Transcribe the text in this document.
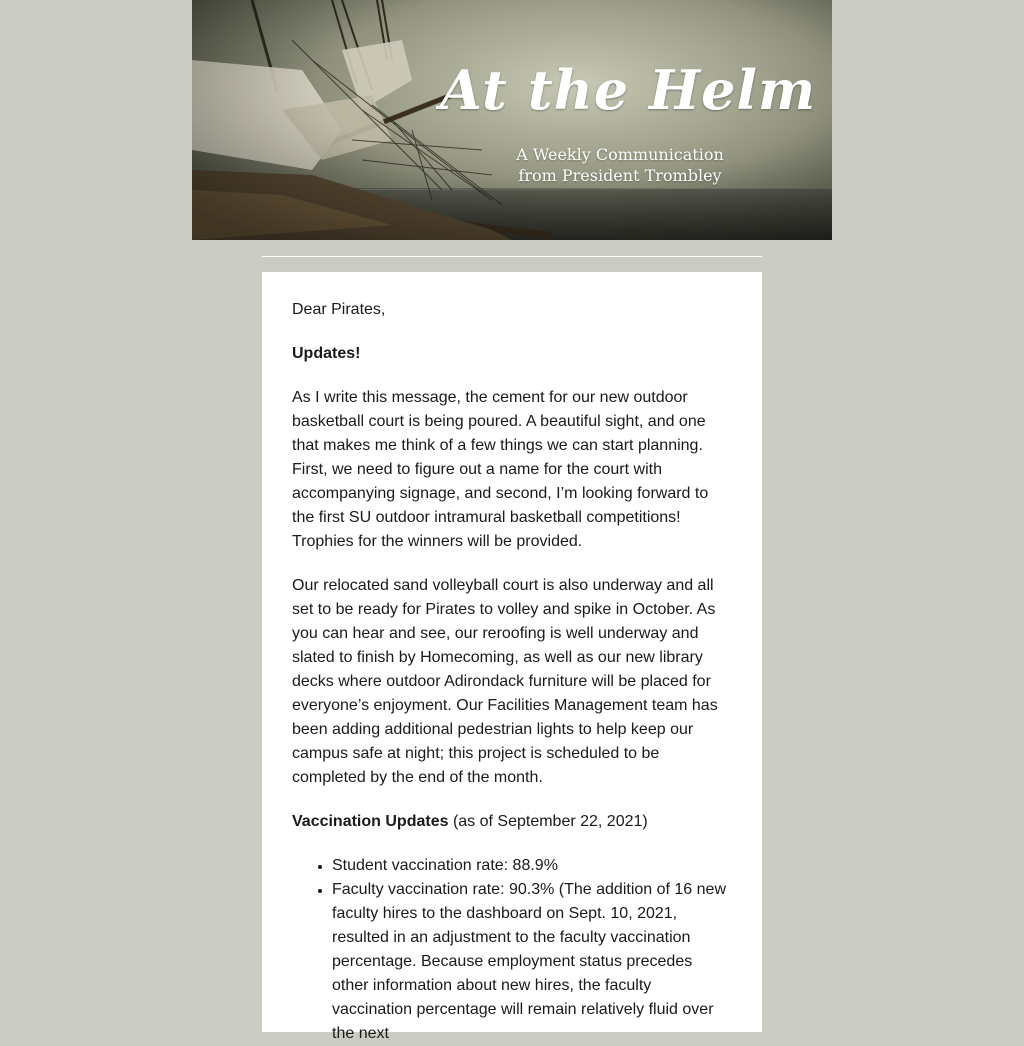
At the Helm
A Weekly Communication
from President Trombley

Dear Pirates,

Updates!

As I write this message, the cement for our new outdoor basketball court is being poured. A beautiful sight, and one that makes me think of a few things we can start planning. First, we need to figure out a name for the court with accompanying signage, and second, I’m looking forward to the first SU outdoor intramural basketball competitions! Trophies for the winners will be provided.

Our relocated sand volleyball court is also underway and all set to be ready for Pirates to volley and spike in October. As you can hear and see, our reroofing is well underway and slated to finish by Homecoming, as well as our new library decks where outdoor Adirondack furniture will be placed for everyone’s enjoyment. Our Facilities Management team has been adding additional pedestrian lights to help keep our campus safe at night; this project is scheduled to be completed by the end of the month.

Vaccination Updates (as of September 22, 2021)

• Student vaccination rate: 88.9%
• Faculty vaccination rate: 90.3% (The addition of 16 new faculty hires to the dashboard on Sept. 10, 2021, resulted in an adjustment to the faculty vaccination percentage. Because employment status precedes other information about new hires, the faculty vaccination percentage will remain relatively fluid over the next
